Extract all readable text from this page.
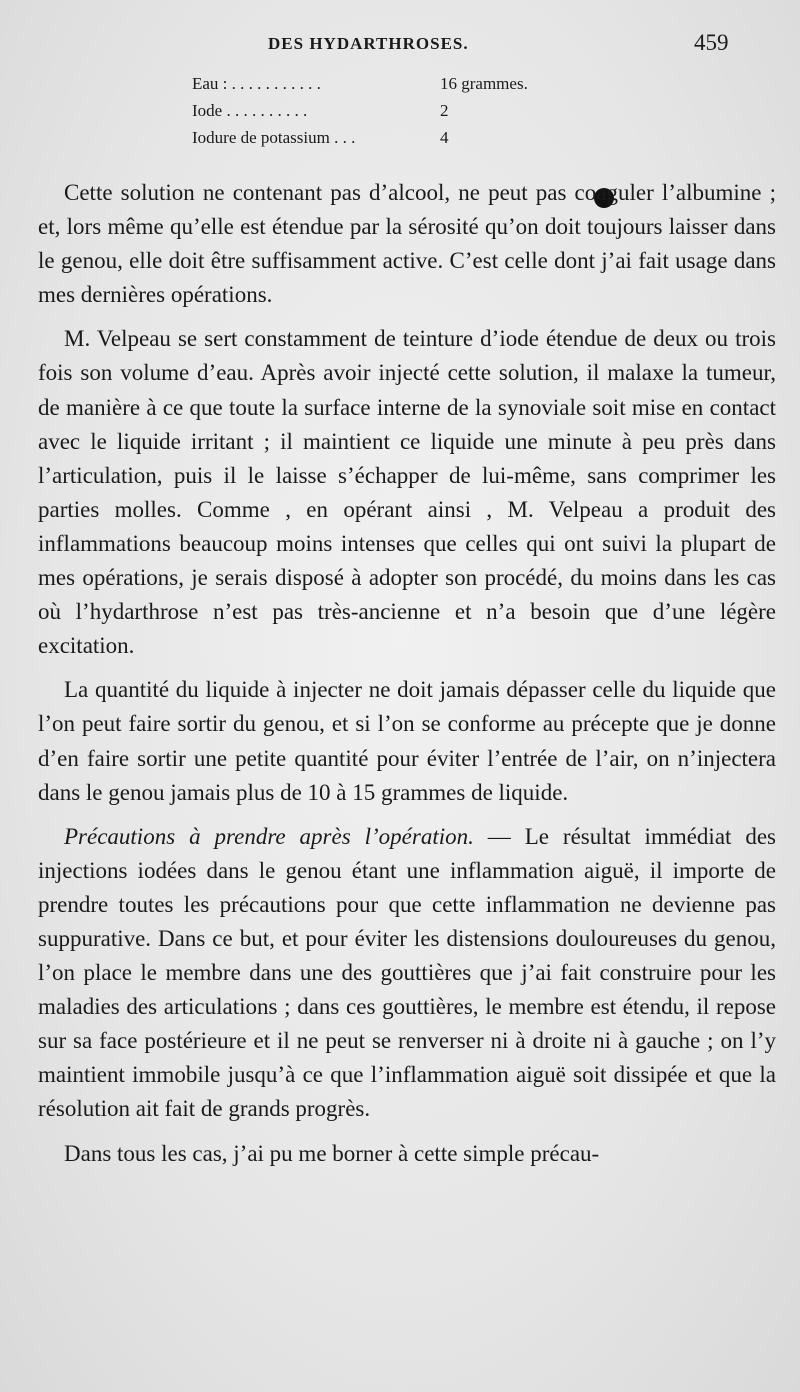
DES HYDARTHROSES.	459
Eau : . . . . . . . . . . .	16 grammes.
Iode . . . . . . . . . .	2
Iodure de potassium . . .	4

Cette solution ne contenant pas d’alcool, ne peut pas coaguler l’albumine ; et, lors même qu’elle est étendue par la sérosité qu’on doit toujours laisser dans le genou, elle doit être suffisamment active. C’est celle dont j’ai fait usage dans mes dernières opérations.

M. Velpeau se sert constamment de teinture d’iode étendue de deux ou trois fois son volume d’eau. Après avoir injecté cette solution, il malaxe la tumeur, de manière à ce que toute la surface interne de la synoviale soit mise en contact avec le liquide irritant ; il maintient ce liquide une minute à peu près dans l’articulation, puis il le laisse s’échapper de lui-même, sans comprimer les parties molles. Comme , en opérant ainsi , M. Velpeau a produit des inflammations beaucoup moins intenses que celles qui ont suivi la plupart de mes opérations, je serais disposé à adopter son procédé, du moins dans les cas où l’hydarthrose n’est pas très-ancienne et n’a besoin que d’une légère excitation.

La quantité du liquide à injecter ne doit jamais dépasser celle du liquide que l’on peut faire sortir du genou, et si l’on se conforme au précepte que je donne d’en faire sortir une petite quantité pour éviter l’entrée de l’air, on n’injectera dans le genou jamais plus de 10 à 15 grammes de liquide.

Précautions à prendre après l’opération. — Le résultat immédiat des injections iodées dans le genou étant une inflammation aiguë, il importe de prendre toutes les précautions pour que cette inflammation ne devienne pas suppurative. Dans ce but, et pour éviter les distensions douloureuses du genou, l’on place le membre dans une des gouttières que j’ai fait construire pour les maladies des articulations ; dans ces gouttières, le membre est étendu, il repose sur sa face postérieure et il ne peut se renverser ni à droite ni à gauche ; on l’y maintient immobile jusqu’à ce que l’inflammation aiguë soit dissipée et que la résolution ait fait de grands progrès.

Dans tous les cas, j’ai pu me borner à cette simple précau-
